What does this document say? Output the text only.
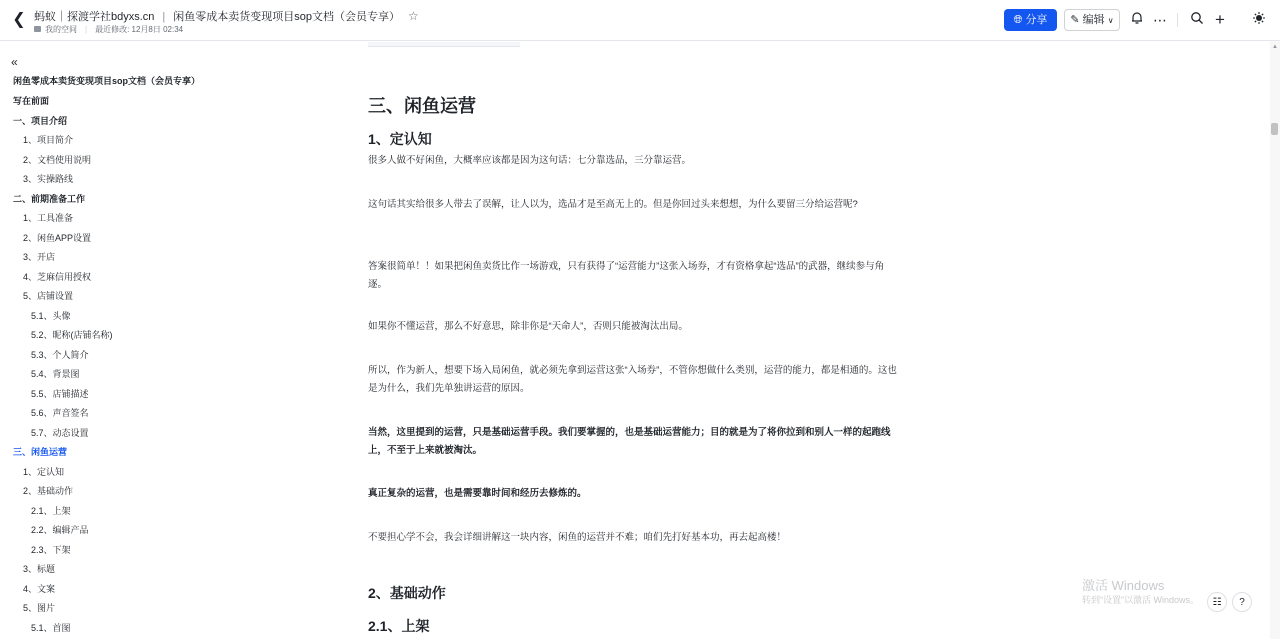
❮ 蚂蚁｜探渡学社bdyxs.cn | 闲鱼零成本卖货变现项目sop文档（会员专享） ☆
我的空间 | 最近修改: 12月8日 02:34
🌐︎ 分享	✎ 编辑 ∨	⋯	+
«
闲鱼零成本卖货变现项目sop文档（会员专享）
写在前面
一、项目介绍
1、项目简介
2、文档使用说明
3、实操路线
二、前期准备工作
1、工具准备
2、闲鱼APP设置
3、开店
4、芝麻信用授权
5、店铺设置
5.1、头像
5.2、昵称(店铺名称)
5.3、个人简介
5.4、背景图
5.5、店铺描述
5.6、声音签名
5.7、动态设置
三、闲鱼运营
1、定认知
2、基础动作
2.1、上架
2.2、编辑产品
2.3、下架
3、标题
4、文案
5、图片
5.1、首图
三、闲鱼运营
1、定认知
很多人做不好闲鱼，大概率应该都是因为这句话：七分靠选品，三分靠运营。
这句话其实给很多人带去了误解，让人以为，选品才是至高无上的。但是你回过头来想想，为什么要留三分给运营呢?
答案很简单！！如果把闲鱼卖货比作一场游戏，只有获得了“运营能力”这张入场券，才有资格拿起“选品”的武器，继续参与角逐。
如果你不懂运营，那么不好意思，除非你是“天命人”，否则只能被淘汰出局。
所以，作为新人，想要下场入局闲鱼，就必须先拿到运营这张“入场券”，不管你想做什么类别，运营的能力，都是相通的。这也是为什么，我们先单独讲运营的原因。
当然，这里提到的运营，只是基础运营手段。我们要掌握的，也是基础运营能力；目的就是为了将你拉到和别人一样的起跑线上，不至于上来就被淘汰。
真正复杂的运营，也是需要靠时间和经历去修炼的。
不要担心学不会，我会详细讲解这一块内容，闲鱼的运营并不难；咱们先打好基本功，再去起高楼！
2、基础动作
2.1、上架
▲
激活 Windows
转到“设置”以激活 Windows。	☷	?
